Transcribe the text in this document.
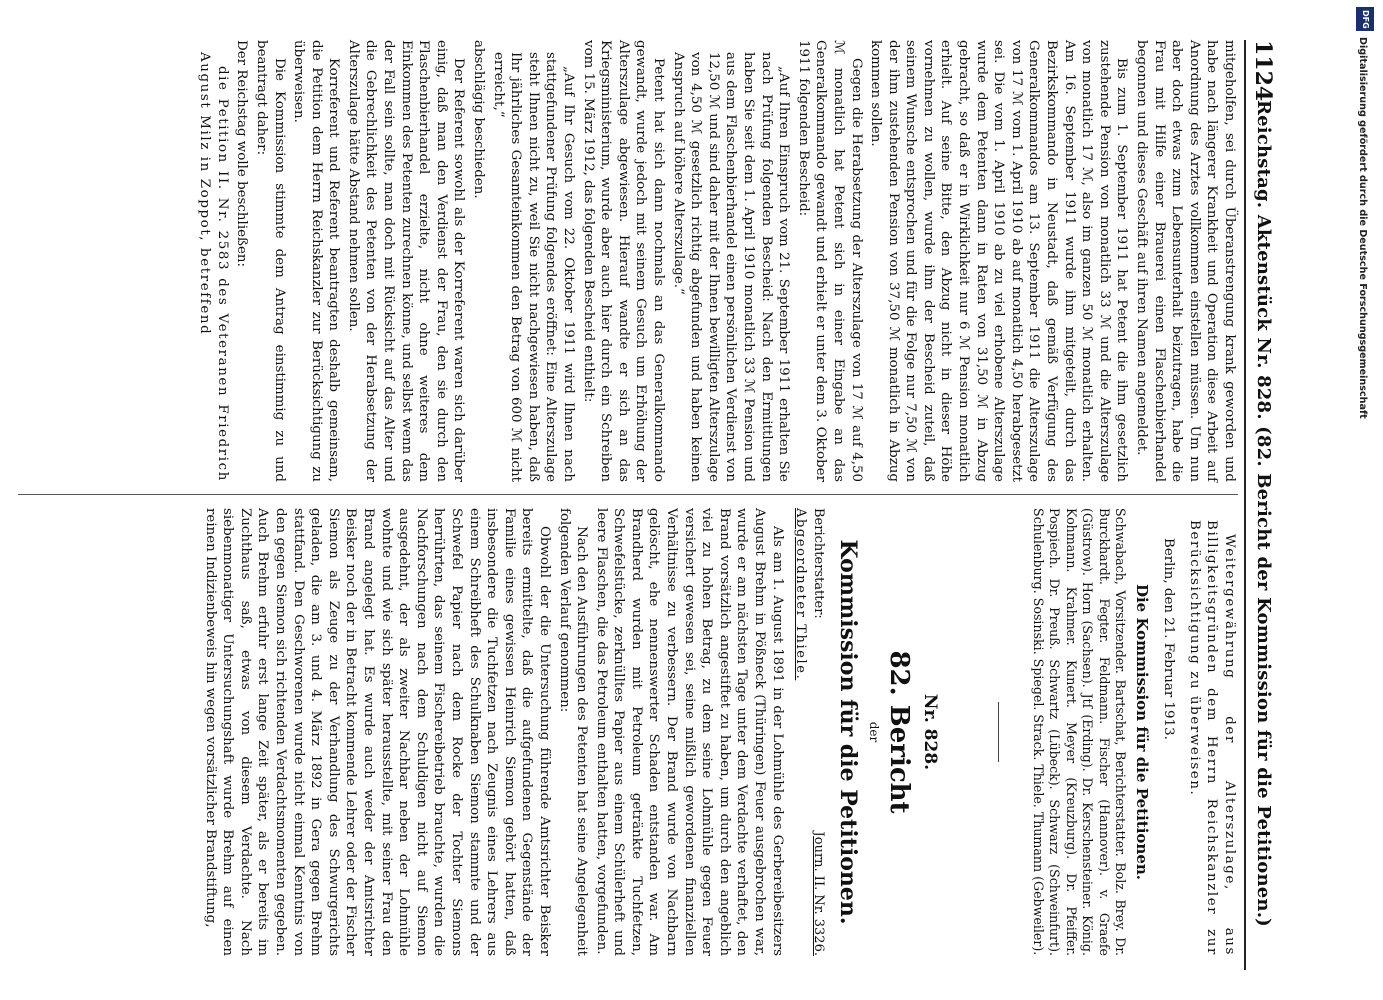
1124
Reichstag. Aktenstück Nr. 828. (82. Bericht der Kommission für die Petitionen.)

mitgeholfen, sei durch Überanstrengung krank geworden und habe nach längerer Krankheit und Operation diese Arbeit auf Anordnung des Arztes vollkommen einstellen müssen. Um nun aber doch etwas zum Lebensunterhalt beizutragen, habe die Frau mit Hilfe einer Brauerei einen Flaschenbierhandel begonnen und dieses Geschäft auf ihren Namen angemeldet.

Bis zum 1. September 1911 hat Petent die ihm gesetzlich zustehende Pension von monatlich 33 ℳ und die Alterszulage von monatlich 17 ℳ, also im ganzen 50 ℳ monatlich erhalten. Am 16. September 1911 wurde ihm mitgeteilt, durch das Bezirkskommando in Neustadt, daß gemäß Verfügung des Generalkommandos am 13. September 1911 die Alterszulage von 17 ℳ vom 1. April 1910 ab auf monatlich 4,50 herabgesetzt sei. Die vom 1. April 1910 ab zu viel erhobene Alterszulage wurde dem Petenten dann in Raten von 31,50 ℳ in Abzug gebracht, so daß er in Wirklichkeit nur 6 ℳ Pension monatlich erhielt. Auf seine Bitte, den Abzug nicht in dieser Höhe vornehmen zu wollen, wurde ihm der Bescheid zuteil, daß seinem Wunsche entsprochen und für die Folge nur 7,50 ℳ von der ihm zustehenden Pension von 37,50 ℳ monatlich in Abzug kommen sollen.

Gegen die Herabsetzung der Alterszulage von 17 ℳ auf 4,50 ℳ monatlich hat Petent sich in einer Eingabe an das Generalkommando gewandt und erhielt er unter dem 3. Oktober 1911 folgenden Bescheid:

„Auf Ihren Einspruch vom 21. September 1911 erhalten Sie nach Prüfung folgenden Bescheid: Nach den Ermittlungen haben Sie seit dem 1. April 1910 monatlich 33 ℳ Pension und aus dem Flaschenbierhandel einen persönlichen Verdienst von 12,50 ℳ und sind daher mit der Ihnen bewilligten Alterszulage von 4,50 ℳ gesetzlich richtig abgefunden und haben keinen Anspruch auf höhere Alterszulage.“

Petent hat sich dann nochmals an das Generalkommando gewandt, wurde jedoch mit seinem Gesuch um Erhöhung der Alterszulage abgewiesen. Hierauf wandte er sich an das Kriegsministerium, wurde aber auch hier durch ein Schreiben vom 15. März 1912, das folgenden Bescheid enthielt:

„Auf Ihr Gesuch vom 22. Oktober 1911 wird Ihnen nach stattgefundener Prüfung folgendes eröffnet: Eine Alterszulage steht Ihnen nicht zu, weil Sie nicht nachgewiesen haben, daß Ihr jährliches Gesamteinkommen den Betrag von 600 ℳ nicht erreicht,“

abschlägig beschieden.

Der Referent sowohl als der Korreferent waren sich darüber einig, daß man den Verdienst der Frau, den sie durch den Flaschenbierhandel erzielte, nicht ohne weiteres dem Einkommen des Petenten zurechnen könne, und selbst wenn das der Fall sein sollte, man doch mit Rücksicht auf das Alter und die Gebrechlichkeit des Petenten von der Herabsetzung der Alterszulage hätte Abstand nehmen sollen.

Korreferent und Referent beantragten deshalb gemeinsam, die Petition dem Herrn Reichskanzler zur Berücksichtigung zu überweisen.

Die Kommission stimmte dem Antrag einstimmig zu und beantragt daher:

Der Reichstag wolle beschließen:

die Petition II. Nr. 2583 des Veteranen Friedrich August Milz in Zoppot, betreffend

Weitergewährung der Alterszulage, aus Billigkeitsgründen dem Herrn Reichskanzler zur Berücksichtigung zu überweisen.

Berlin, den 21. Februar 1913.

Die Kommission für die Petitionen.

Schwabach, Vorsitzender. Bartschat, Berichterstatter. Bolz. Brey. Dr. Burckhardt. Fegter. Feldmann. Fischer (Hannover). v. Graefe (Güstrow). Horn (Sachsen). Jtſ (Erding). Dr. Kerschensteiner. König. Kohmann. Krahmer. Kunert. Meyer (Kreuzburg). Dr. Pfeiffer. Pospiech. Dr. Preuß. Schwartz (Lübeck). Schwarz (Schweinfurt). Schulenburg. Sosinski. Spiegel. Strack. Thiele. Thumann (Gebweiler).

Nr. 828.

82. Bericht

der

Kommission für die Petitionen.

Berichterstatter:
Abgeordneter Thiele.
Journ. II. Nr. 3326.

Als am 1. August 1891 in der Lohmühle des Gerbereibesitzers August Brehm in Pößneck (Thüringen) Feuer ausgebrochen war, wurde er am nächsten Tage unter dem Verdachte verhaftet, den Brand vorsätzlich angestiftet zu haben, um durch den angeblich viel zu hohen Betrag, zu dem seine Lohmühle gegen Feuer versichert gewesen sei, seine mißlich gewordenen finanziellen Verhältnisse zu verbessern. Der Brand wurde von Nachbarn gelöscht, ehe nennenswerter Schaden entstanden war. Am Brandherd wurden mit Petroleum getränkte Tuchfetzen, Schwefelstücke, zerknülltes Papier aus einem Schülerheft und leere Flaschen, die das Petroleum enthalten hatten, vorgefunden.

Nach den Ausführungen des Petenten hat seine Angelegenheit folgenden Verlauf genommen:

Obwohl der die Untersuchung führende Amtsrichter Beisker bereits ermittelte, daß die aufgefundenen Gegenstände der Familie eines gewissen Heinrich Siemon gehört hatten, daß insbesondere die Tuchfetzen nach Zeugnis eines Lehrers aus einem Schreibheft des Schulknaben Siemon stammte und der Schwefel Papier nach dem Rocke der Tochter Siemons herrührten, das seinem Fischereibetrieb brauchte, wurden die Nachforschungen nach dem Schuldigen nicht auf Siemon ausgedehnt, der als zweiter Nachbar neben der Lohmühle wohnte und wie sich später herausstellte, mit seiner Frau den Brand angelegt hat. Es wurde auch weder der Amtsrichter Beisker noch der in Betracht kommende Lehrer oder der Fischer Siemon als Zeuge zu der Verhandlung des Schwurgerichts geladen, die am 3. und 4. März 1892 in Gera gegen Brehm stattfand. Den Geschworenen wurde nicht einmal Kenntnis von den gegen Siemon sich richtenden Verdachtsmomenten gegeben. Auch Brehm erfuhr erst lange Zeit später, als er bereits im Zuchthaus saß, etwas von diesem Verdachte. Nach siebenmonatiger Untersuchungshaft wurde Brehm auf einen reinen Indizienbeweis hin wegen vorsätzlicher Brandstiftung,

DFG
Digitalisierung gefördert durch die Deutsche Forschungsgemeinschaft
